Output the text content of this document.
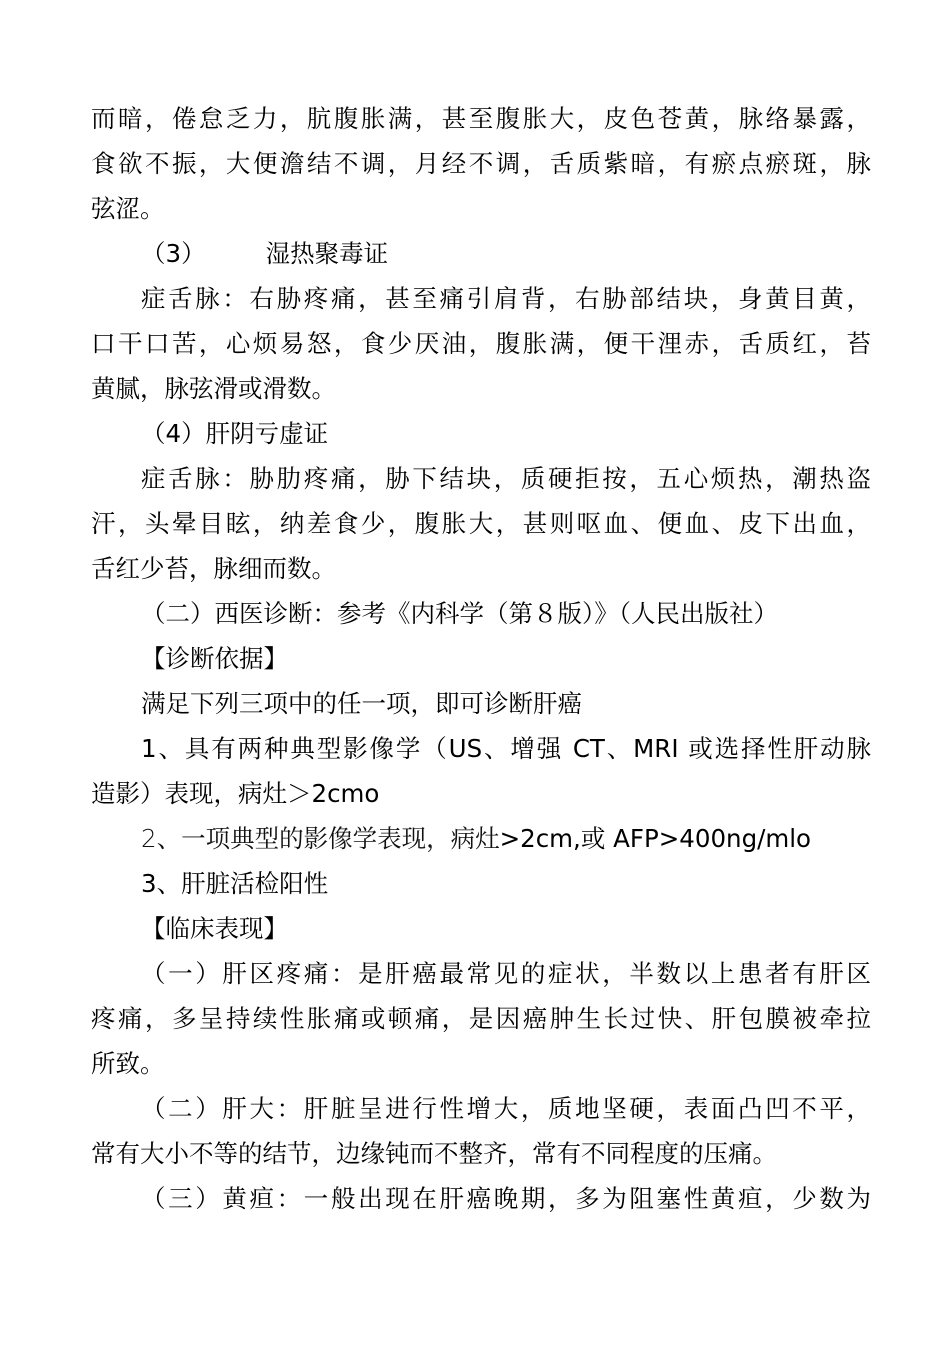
而暗，倦怠乏力，肮腹胀满，甚至腹胀大，皮色苍黄，脉络暴露，
食欲不振，大便澹结不调，月经不调，舌质紫暗，有瘀点瘀斑，脉
弦涩。
（3） 湿热聚毒证
症舌脉：右胁疼痛，甚至痛引肩背，右胁部结块，身黄目黄，
口干口苦，心烦易怒，食少厌油，腹胀满，便干浬赤，舌质红，苔
黄腻，脉弦滑或滑数。
（4）肝阴亏虚证
症舌脉：胁肋疼痛，胁下结块，质硬拒按，五心烦热，潮热盗
汗，头晕目眩，纳差食少，腹胀大，甚则呕血、便血、皮下出血，
舌红少苔，脉细而数。
（二）西医诊断：参考《内科学（第８版）》（人民出版社）
【诊断依据】
满足下列三项中的任一项，即可诊断肝癌
1、具有两种典型影像学（US、增强 CT、MRI 或选择性肝动脉
造影）表现，病灶＞2cmo
2、一项典型的影像学表现，病灶>2cm,或 AFP>400ng/mlo
3、肝脏活检阳性
【临床表现】
（一）肝区疼痛：是肝癌最常见的症状，半数以上患者有肝区
疼痛，多呈持续性胀痛或顿痛，是因癌肿生长过快、肝包膜被牵拉
所致。
（二）肝大：肝脏呈进行性增大，质地坚硬，表面凸凹不平，
常有大小不等的结节，边缘钝而不整齐，常有不同程度的压痛。
（三）黄疸：一般出现在肝癌晚期，多为阻塞性黄疸，少数为
